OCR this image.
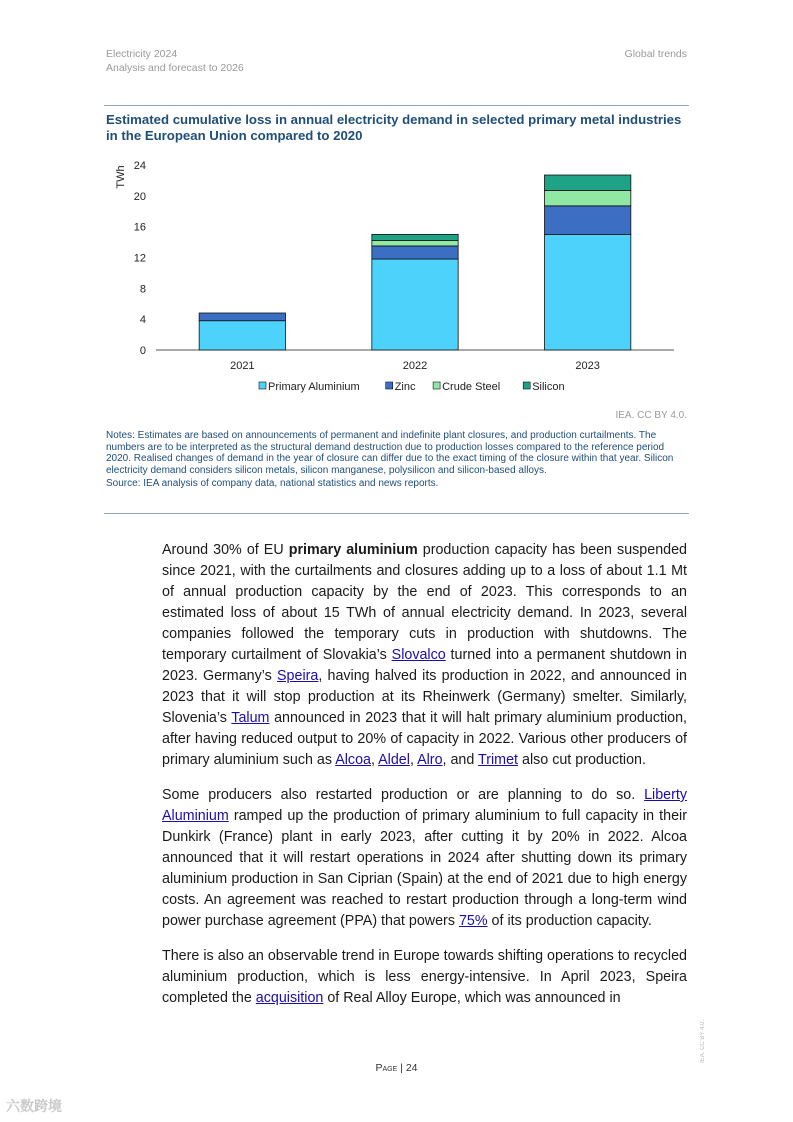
Electricity 2024
Analysis and forecast to 2026
Global trends
Estimated cumulative loss in annual electricity demand in selected primary metal industries in the European Union compared to 2020
TWh
0
4
8
12
16
20
24
2021	2022	2023
Primary Aluminium	Zinc Crude Steel	Silicon
IEA. CC BY 4.0.

Notes: Estimates are based on announcements of permanent and indefinite plant closures, and production curtailments. The numbers are to be interpreted as the structural demand destruction due to production losses compared to the reference period 2020. Realised changes of demand in the year of closure can differ due to the exact timing of the closure within that year. Silicon electricity demand considers silicon metals, silicon manganese, polysilicon and silicon-based alloys.

Source: IEA analysis of company data, national statistics and news reports.

Around 30% of EU primary aluminium production capacity has been suspended since 2021, with the curtailments and closures adding up to a loss of about 1.1 Mt of annual production capacity by the end of 2023. This corresponds to an estimated loss of about 15 TWh of annual electricity demand. In 2023, several companies followed the temporary cuts in production with shutdowns. The temporary curtailment of Slovakia’s Slovalco turned into a permanent shutdown in 2023. Germany’s Speira, having halved its production in 2022, and announced in 2023 that it will stop production at its Rheinwerk (Germany) smelter. Similarly, Slovenia’s Talum announced in 2023 that it will halt primary aluminium production, after having reduced output to 20% of capacity in 2022. Various other producers of primary aluminium such as Alcoa, Aldel, Alro, and Trimet also cut production.

Some producers also restarted production or are planning to do so. Liberty Aluminium ramped up the production of primary aluminium to full capacity in their Dunkirk (France) plant in early 2023, after cutting it by 20% in 2022. Alcoa announced that it will restart operations in 2024 after shutting down its primary aluminium production in San Ciprian (Spain) at the end of 2021 due to high energy costs. An agreement was reached to restart production through a long-term wind power purchase agreement (PPA) that powers 75% of its production capacity.

There is also an observable trend in Europe towards shifting operations to recycled aluminium production, which is less energy-intensive. In April 2023, Speira completed the acquisition of Real Alloy Europe, which was announced in

Page | 24
IEA. CC BY 4.0.
六数跨境
